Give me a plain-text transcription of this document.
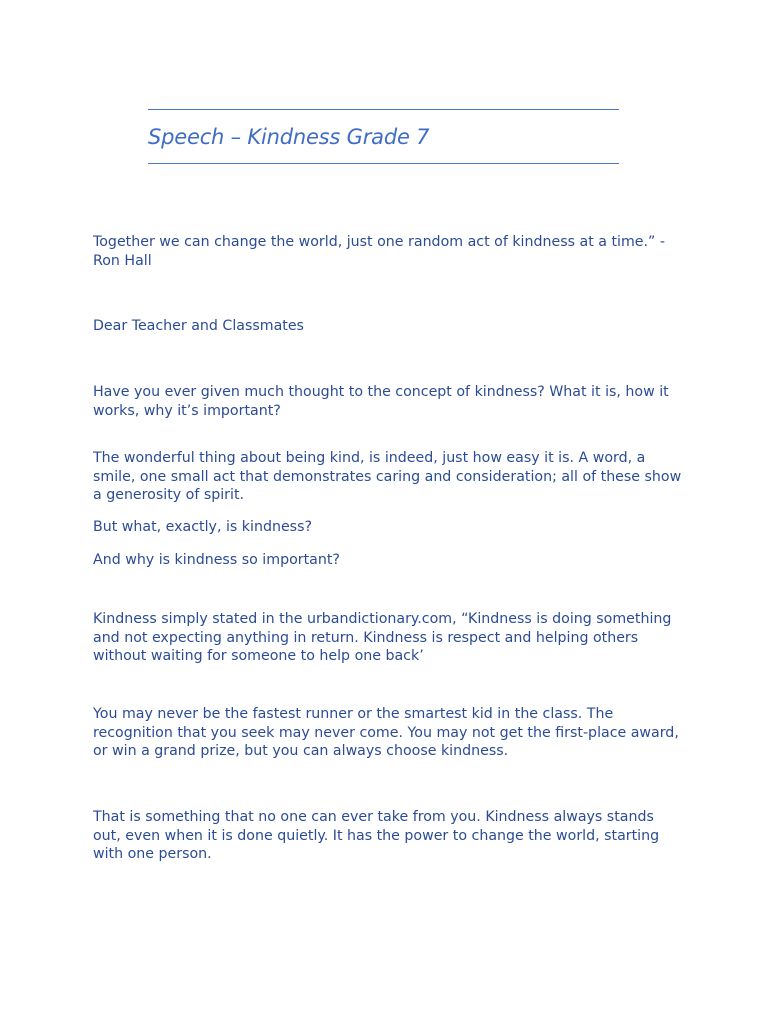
Speech – Kindness Grade 7

Together we can change the world, just one random act of kindness at a time.” -Ron Hall

Dear Teacher and Classmates

Have you ever given much thought to the concept of kindness? What it is, how it works, why it’s important?

The wonderful thing about being kind, is indeed, just how easy it is. A word, a smile, one small act that demonstrates caring and consideration; all of these show a generosity of spirit.

But what, exactly, is kindness?

And why is kindness so important?

Kindness simply stated in the urbandictionary.com, “Kindness is doing something and not expecting anything in return. Kindness is respect and helping others without waiting for someone to help one back’

You may never be the fastest runner or the smartest kid in the class. The recognition that you seek may never come. You may not get the first-place award, or win a grand prize, but you can always choose kindness.

That is something that no one can ever take from you. Kindness always stands out, even when it is done quietly. It has the power to change the world, starting with one person.
